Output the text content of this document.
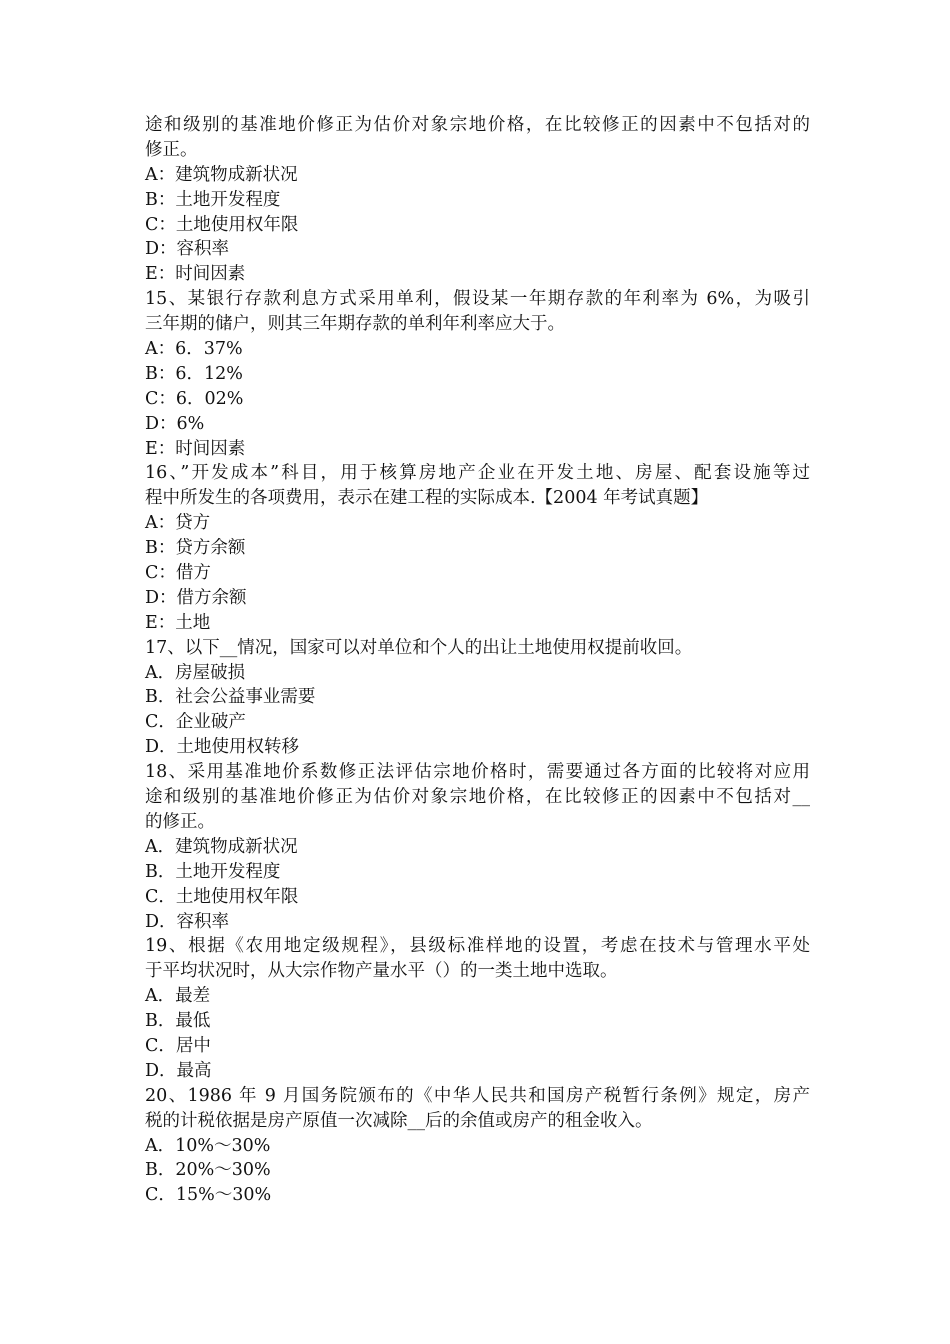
途和级别的基准地价修正为估价对象宗地价格，在比较修正的因素中不包括对的
修正。
A：建筑物成新状况
B：土地开发程度
C：土地使用权年限
D：容积率
E：时间因素
15、某银行存款利息方式采用单利，假设某一年期存款的年利率为 6%，为吸引
三年期的储户，则其三年期存款的单利年利率应大于。
A：6．37%
B：6．12%
C：6．02%
D：6%
E：时间因素
16、”开发成本”科目，用于核算房地产企业在开发土地、房屋、配套设施等过
程中所发生的各项费用，表示在建工程的实际成本.【2004 年考试真题】
A：贷方
B：贷方余额
C：借方
D：借方余额
E：土地
17、以下__情况，国家可以对单位和个人的出让土地使用权提前收回。
A．房屋破损
B．社会公益事业需要
C．企业破产
D．土地使用权转移
18、采用基准地价系数修正法评估宗地价格时，需要通过各方面的比较将对应用
途和级别的基准地价修正为估价对象宗地价格，在比较修正的因素中不包括对__
的修正。
A．建筑物成新状况
B．土地开发程度
C．土地使用权年限
D．容积率
19、根据《农用地定级规程》，县级标准样地的设置，考虑在技术与管理水平处
于平均状况时，从大宗作物产量水平（）的一类土地中选取。
A．最差
B．最低
C．居中
D．最高
20、1986 年 9 月国务院颁布的《中华人民共和国房产税暂行条例》规定，房产
税的计税依据是房产原值一次减除__后的余值或房产的租金收入。
A．10%～30%
B．20%～30%
C．15%～30%
